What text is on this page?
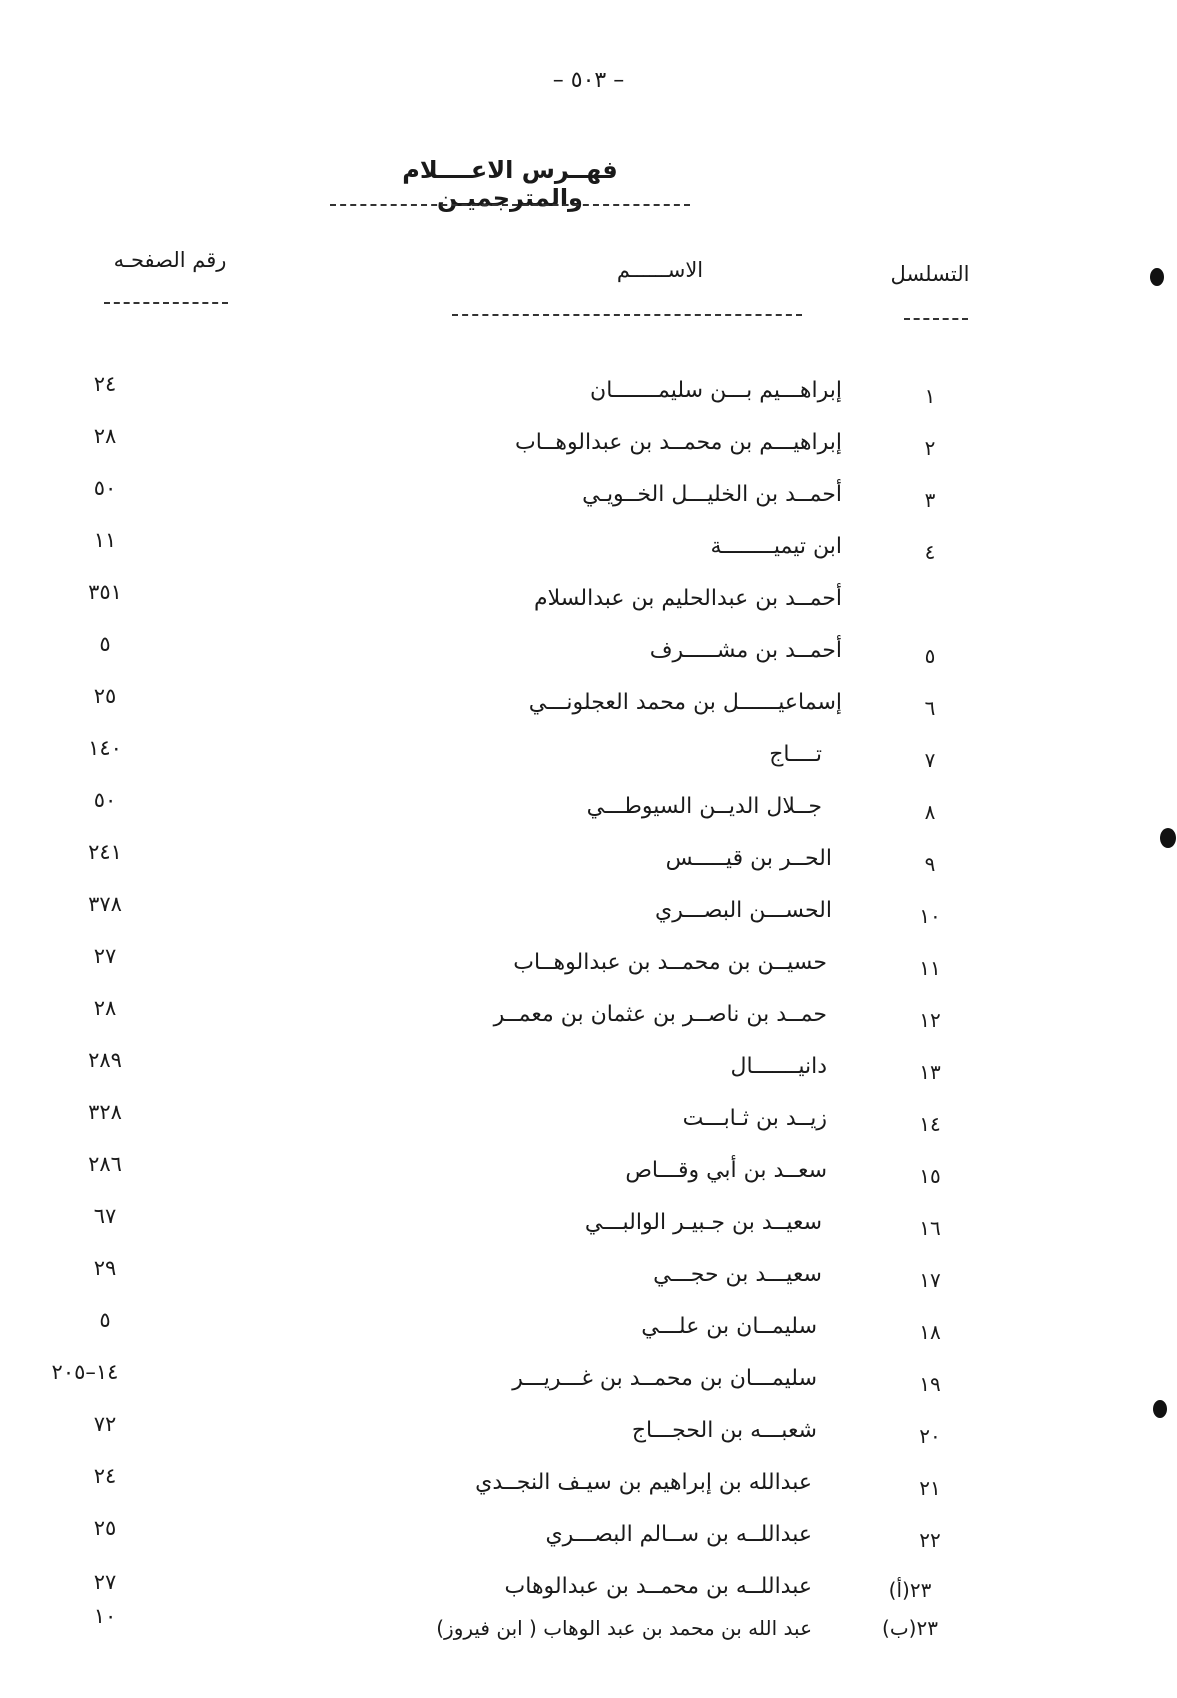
– ٥٠٣ –
فهــرس الاعــــلام والمترجميـن
رقم الصفحـه	الاســــــم	التسلسل
٢٤	إبراهـــيم بـــن سليمـــــــان	١
٢٨	إبراهيـــم بن محمــد بن عبدالوهــاب	٢
٥٠	أحمــد بن الخليـــل الخــويـي	٣
١١	ابن تيميــــــــة	٤
٣٥١	أحمــد بن عبدالحليم بن عبدالسلام
٥	أحمــد بن مشـــــرف	٥
٢٥	إسماعيــــــل بن محمد العجلونـــي	٦
١٤٠	تــــاج	٧
٥٠	جــلال الديــن السيوطـــي	٨
٢٤١	الحــر بن قيـــــس	٩
٣٧٨	الحســـن البصـــري	١٠
٢٧	حسيــن بن محمــد بن عبدالوهــاب	١١
٢٨	حمــد بن ناصــر بن عثمان بن معمــر	١٢
٢٨٩	دانيـــــــال	١٣
٣٢٨	زيــد بن ثـابـــت	١٤
٢٨٦	سعــد بن أبي وقـــاص	١٥
٦٧	سعيــد بن جـبيـر الوالبـــي	١٦
٢٩	سعيـــد بن حجـــي	١٧
٥	سليمــان بن علـــي	١٨
١٤–٢٠٥	سليمـــان بن محمــد بن غـــريـــر	١٩
٧٢	شعبـــه بن الحجـــاج	٢٠
٢٤	عبدالله بن إبراهيم بن سيـف النجــدي	٢١
٢٥	عبداللــه بن ســالم البصـــري	٢٢
٢٧	عبداللــه بن محمــد بن عبدالوهاب	٢٣(أ)
١٠	عبد الله بن محمد بن عبد الوهاب ( ابن فيروز)	٢٣(ب)
